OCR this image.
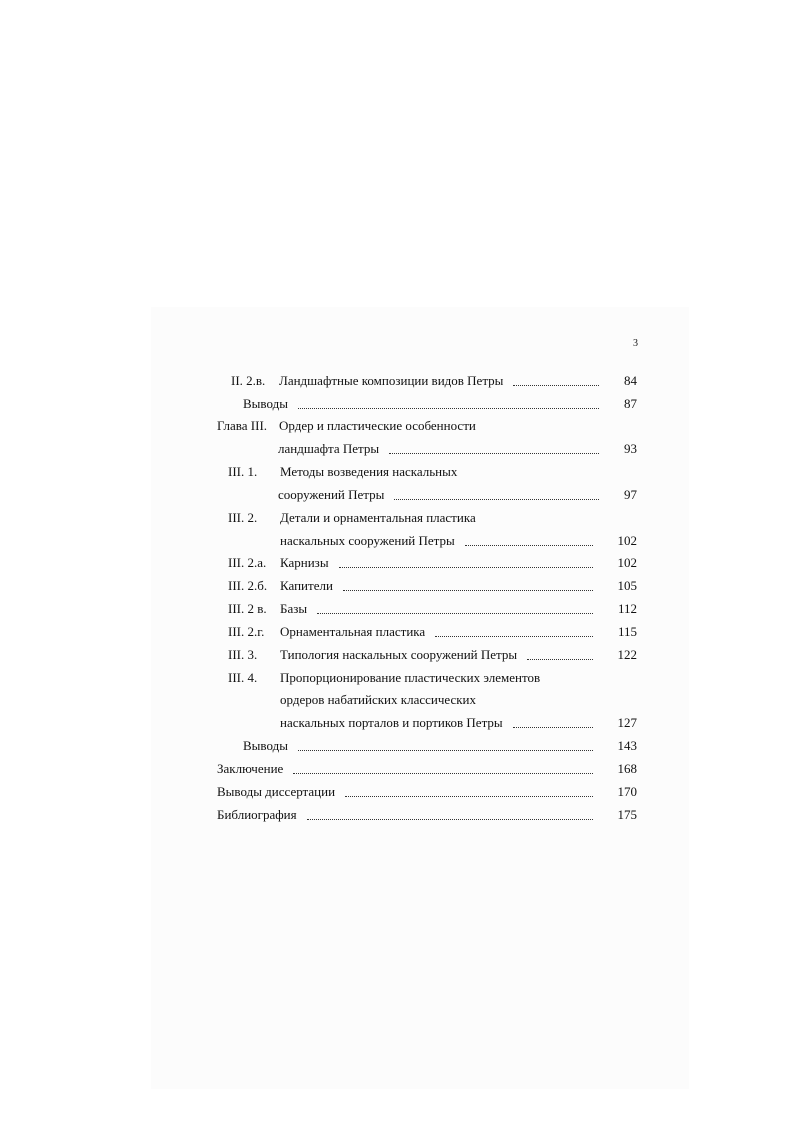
3
II. 2.в. Ландшафтные композиции видов Петры	84
Выводы	87
Глава III. Ордер и пластические особенности
ландшафта Петры	93
III. 1. Методы возведения наскальных
сооружений Петры	97
III. 2. Детали и орнаментальная пластика
наскальных сооружений Петры	102
III. 2.а. Карнизы	102
III. 2.б. Капители	105
III. 2 в. Базы	112
III. 2.г. Орнаментальная пластика	115
III. 3. Типология наскальных сооружений Петры	122
III. 4. Пропорционирование пластических элементов
ордеров набатийских классических
наскальных порталов и портиков Петры	127
Выводы	143
Заключение	168
Выводы диссертации	170
Библиография	175
